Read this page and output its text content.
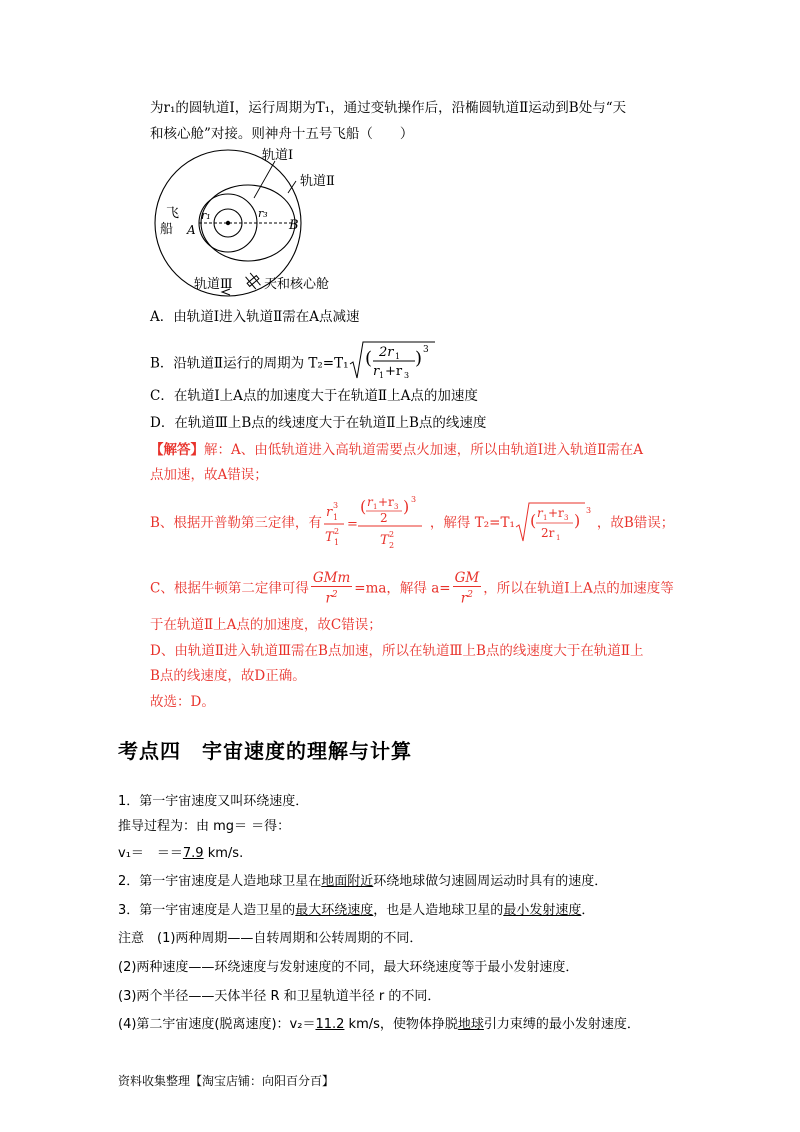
为r₁的圆轨道Ⅰ，运行周期为T₁，通过变轨操作后，沿椭圆轨道Ⅱ运动到B处与“天
和核心舱”对接。则神舟十五号飞船（　　）
轨道Ⅰ
轨道Ⅱ
飞
船
r₁	r₃
A	B
轨道Ⅲ 天和核心舱
A．由轨道Ⅰ进入轨道Ⅱ需在A点减速
B．沿轨道Ⅱ运行的周期为 T₂=T₁ ( 2r 1
r 1 +r 3
) 3
C．在轨道Ⅰ上A点的加速度大于在轨道Ⅱ上A点的加速度
D．在轨道Ⅲ上B点的线速度大于在轨道Ⅱ上B点的线速度
【解答】解：A、由低轨道进入高轨道需要点火加速，所以由轨道Ⅰ进入轨道Ⅱ需在A
点加速，故A错误；
B、根据开普勒第三定律，有
r 3
1
T 2
1
=
( r 1 +r 3
2
) 3
T 2
2
，解得 T₂=T₁ ( r 1 +r 3
2r 1
)
3
，故B错误；
C、根据牛顿第二定律可得 $\frac{\text{GMm}}{r^2} =ma$，解得 $a= \frac{GM}{r^2}$ ，所以在轨道Ⅰ上A点的加速度等
于在轨道Ⅱ上A点的加速度，故C错误；
D、由轨道Ⅱ进入轨道Ⅲ需在B点加速，所以在轨道Ⅲ上B点的线速度大于在轨道Ⅱ上
B点的线速度，故D正确。
故选：D。
考点四　宇宙速度的理解与计算
1．第一宇宙速度又叫环绕速度．
推导过程为：由 mg＝ ＝得：
v₁＝　＝＝7.9 km/s.
2．第一宇宙速度是人造地球卫星在地面附近环绕地球做匀速圆周运动时具有的速度．
3．第一宇宙速度是人造卫星的最大环绕速度，也是人造地球卫星的最小发射速度．
注意　(1)两种周期——自转周期和公转周期的不同．
(2)两种速度——环绕速度与发射速度的不同，最大环绕速度等于最小发射速度．
(3)两个半径——天体半径 R 和卫星轨道半径 r 的不同．
(4)第二宇宙速度(脱离速度)：v₂＝11.2 km/s，使物体挣脱地球引力束缚的最小发射速度．
资料收集整理【淘宝店铺：向阳百分百】
